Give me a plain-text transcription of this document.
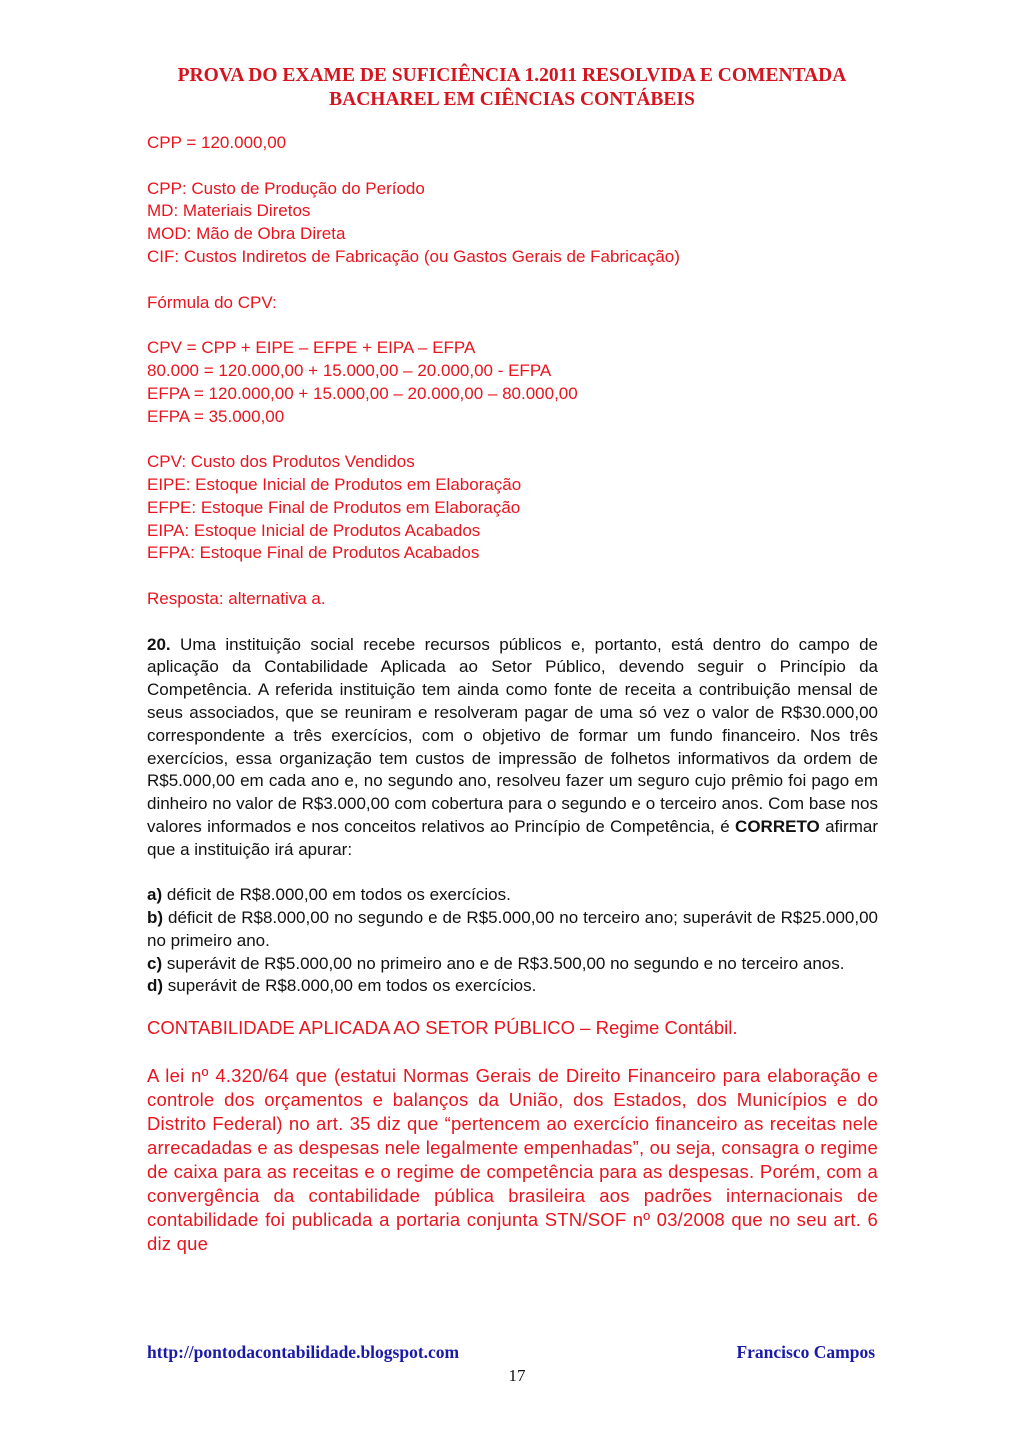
PROVA DO EXAME DE SUFICIÊNCIA 1.2011 RESOLVIDA E COMENTADA
BACHAREL EM CIÊNCIAS CONTÁBEIS

CPP = 120.000,00

CPP: Custo de Produção do Período

MD: Materiais Diretos

MOD: Mão de Obra Direta

CIF: Custos Indiretos de Fabricação (ou Gastos Gerais de Fabricação)

Fórmula do CPV:

CPV = CPP + EIPE – EFPE + EIPA – EFPA

80.000 = 120.000,00 + 15.000,00 – 20.000,00 - EFPA

EFPA = 120.000,00 + 15.000,00 – 20.000,00 – 80.000,00

EFPA = 35.000,00

CPV: Custo dos Produtos Vendidos

EIPE: Estoque Inicial de Produtos em Elaboração

EFPE: Estoque Final de Produtos em Elaboração

EIPA: Estoque Inicial de Produtos Acabados

EFPA: Estoque Final de Produtos Acabados

Resposta: alternativa a.

20. Uma instituição social recebe recursos públicos e, portanto, está dentro do campo de aplicação da Contabilidade Aplicada ao Setor Público, devendo seguir o Princípio da Competência. A referida instituição tem ainda como fonte de receita a contribuição mensal de seus associados, que se reuniram e resolveram pagar de uma só vez o valor de R$30.000,00 correspondente a três exercícios, com o objetivo de formar um fundo financeiro. Nos três exercícios, essa organização tem custos de impressão de folhetos informativos da ordem de R$5.000,00 em cada ano e, no segundo ano, resolveu fazer um seguro cujo prêmio foi pago em dinheiro no valor de R$3.000,00 com cobertura para o segundo e o terceiro anos. Com base nos valores informados e nos conceitos relativos ao Princípio de Competência, é CORRETO afirmar que a instituição irá apurar:

a) déficit de R$8.000,00 em todos os exercícios.

b) déficit de R$8.000,00 no segundo e de R$5.000,00 no terceiro ano; superávit de R$25.000,00 no primeiro ano.

c) superávit de R$5.000,00 no primeiro ano e de R$3.500,00 no segundo e no terceiro anos.

d) superávit de R$8.000,00 em todos os exercícios.

CONTABILIDADE APLICADA AO SETOR PÚBLICO – Regime Contábil.

A lei nº 4.320/64 que (estatui Normas Gerais de Direito Financeiro para elaboração e controle dos orçamentos e balanços da União, dos Estados, dos Municípios e do Distrito Federal) no art. 35 diz que “pertencem ao exercício financeiro as receitas nele arrecadadas e as despesas nele legalmente empenhadas”, ou seja, consagra o regime de caixa para as receitas e o regime de competência para as despesas. Porém, com a convergência da contabilidade pública brasileira aos padrões internacionais de contabilidade foi publicada a portaria conjunta STN/SOF nº 03/2008 que no seu art. 6 diz que

http://pontodacontabilidade.blogspot.com	Francisco Campos
17
